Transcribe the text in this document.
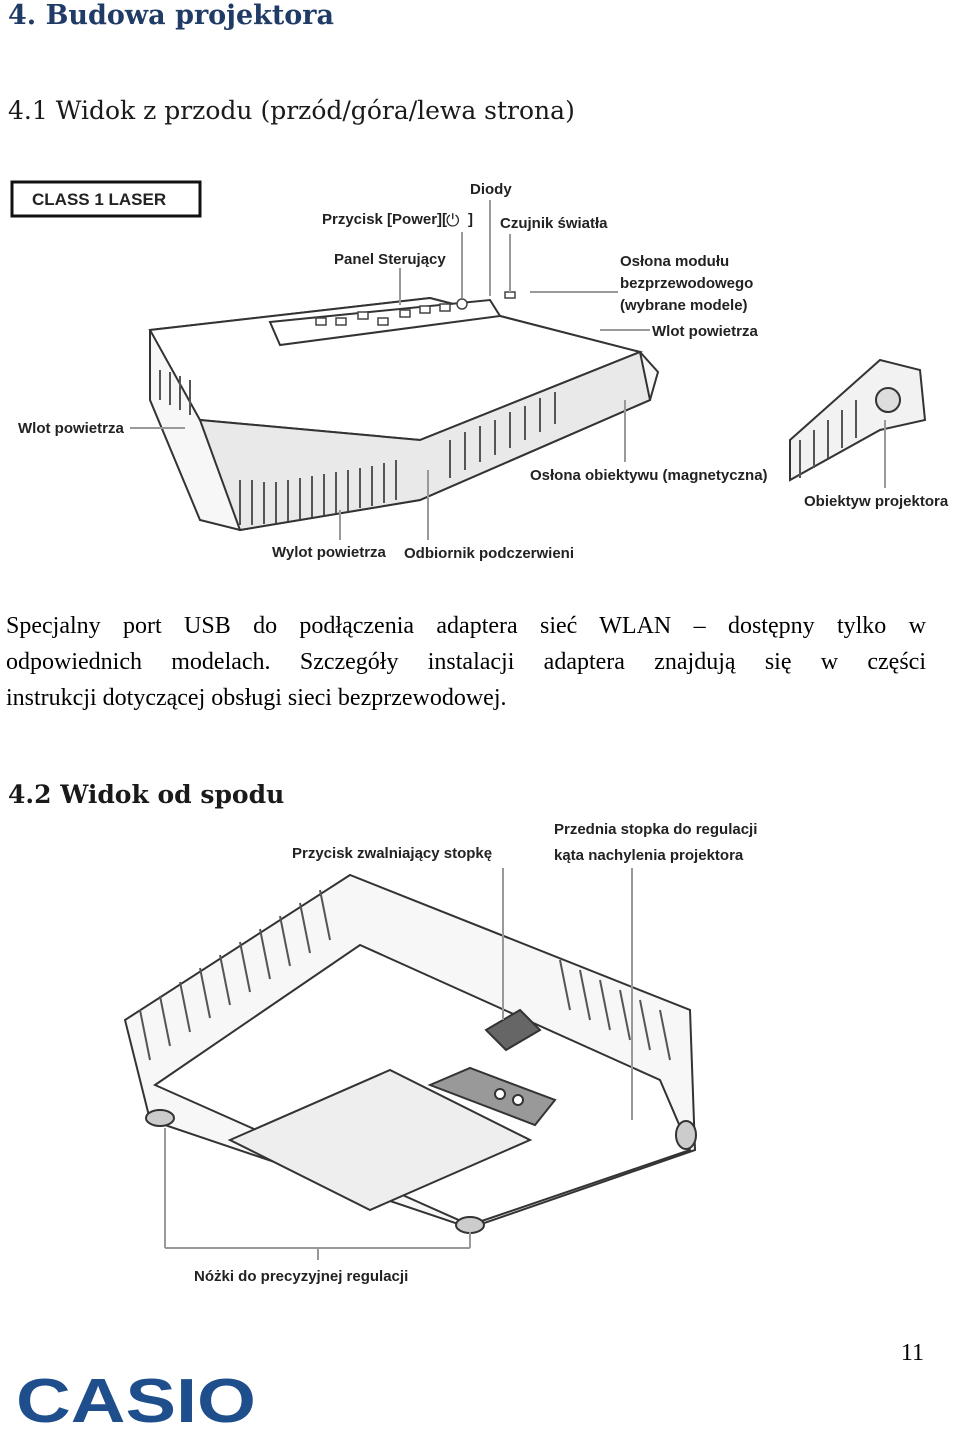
4. Budowa projektora
4.1 Widok z przodu (przód/góra/lewa strona)
CLASS 1 LASER
Diody
Przycisk [Power][
⏻ ] Czujnik światła
Panel Sterujący	Osłona modułu
bezprzewodowego
(wybrane modele)
Wlot powietrza
Wlot powietrza
Osłona obiektywu (magnetyczna)
Obiektyw projektora
Wylot powietrza Odbiornik podczerwieni
Specjalny port USB do podłączenia adaptera sieć WLAN – dostępny tylko w
odpowiednich modelach. Szczegóły instalacji adaptera znajdują się w części
instrukcji dotyczącej obsługi sieci bezprzewodowej.
4.2 Widok od spodu
Przycisk zwalniający stopkę
Przednia stopka do regulacji
kąta nachylenia projektora
Nóżki do precyzyjnej regulacji
11
CASIO
